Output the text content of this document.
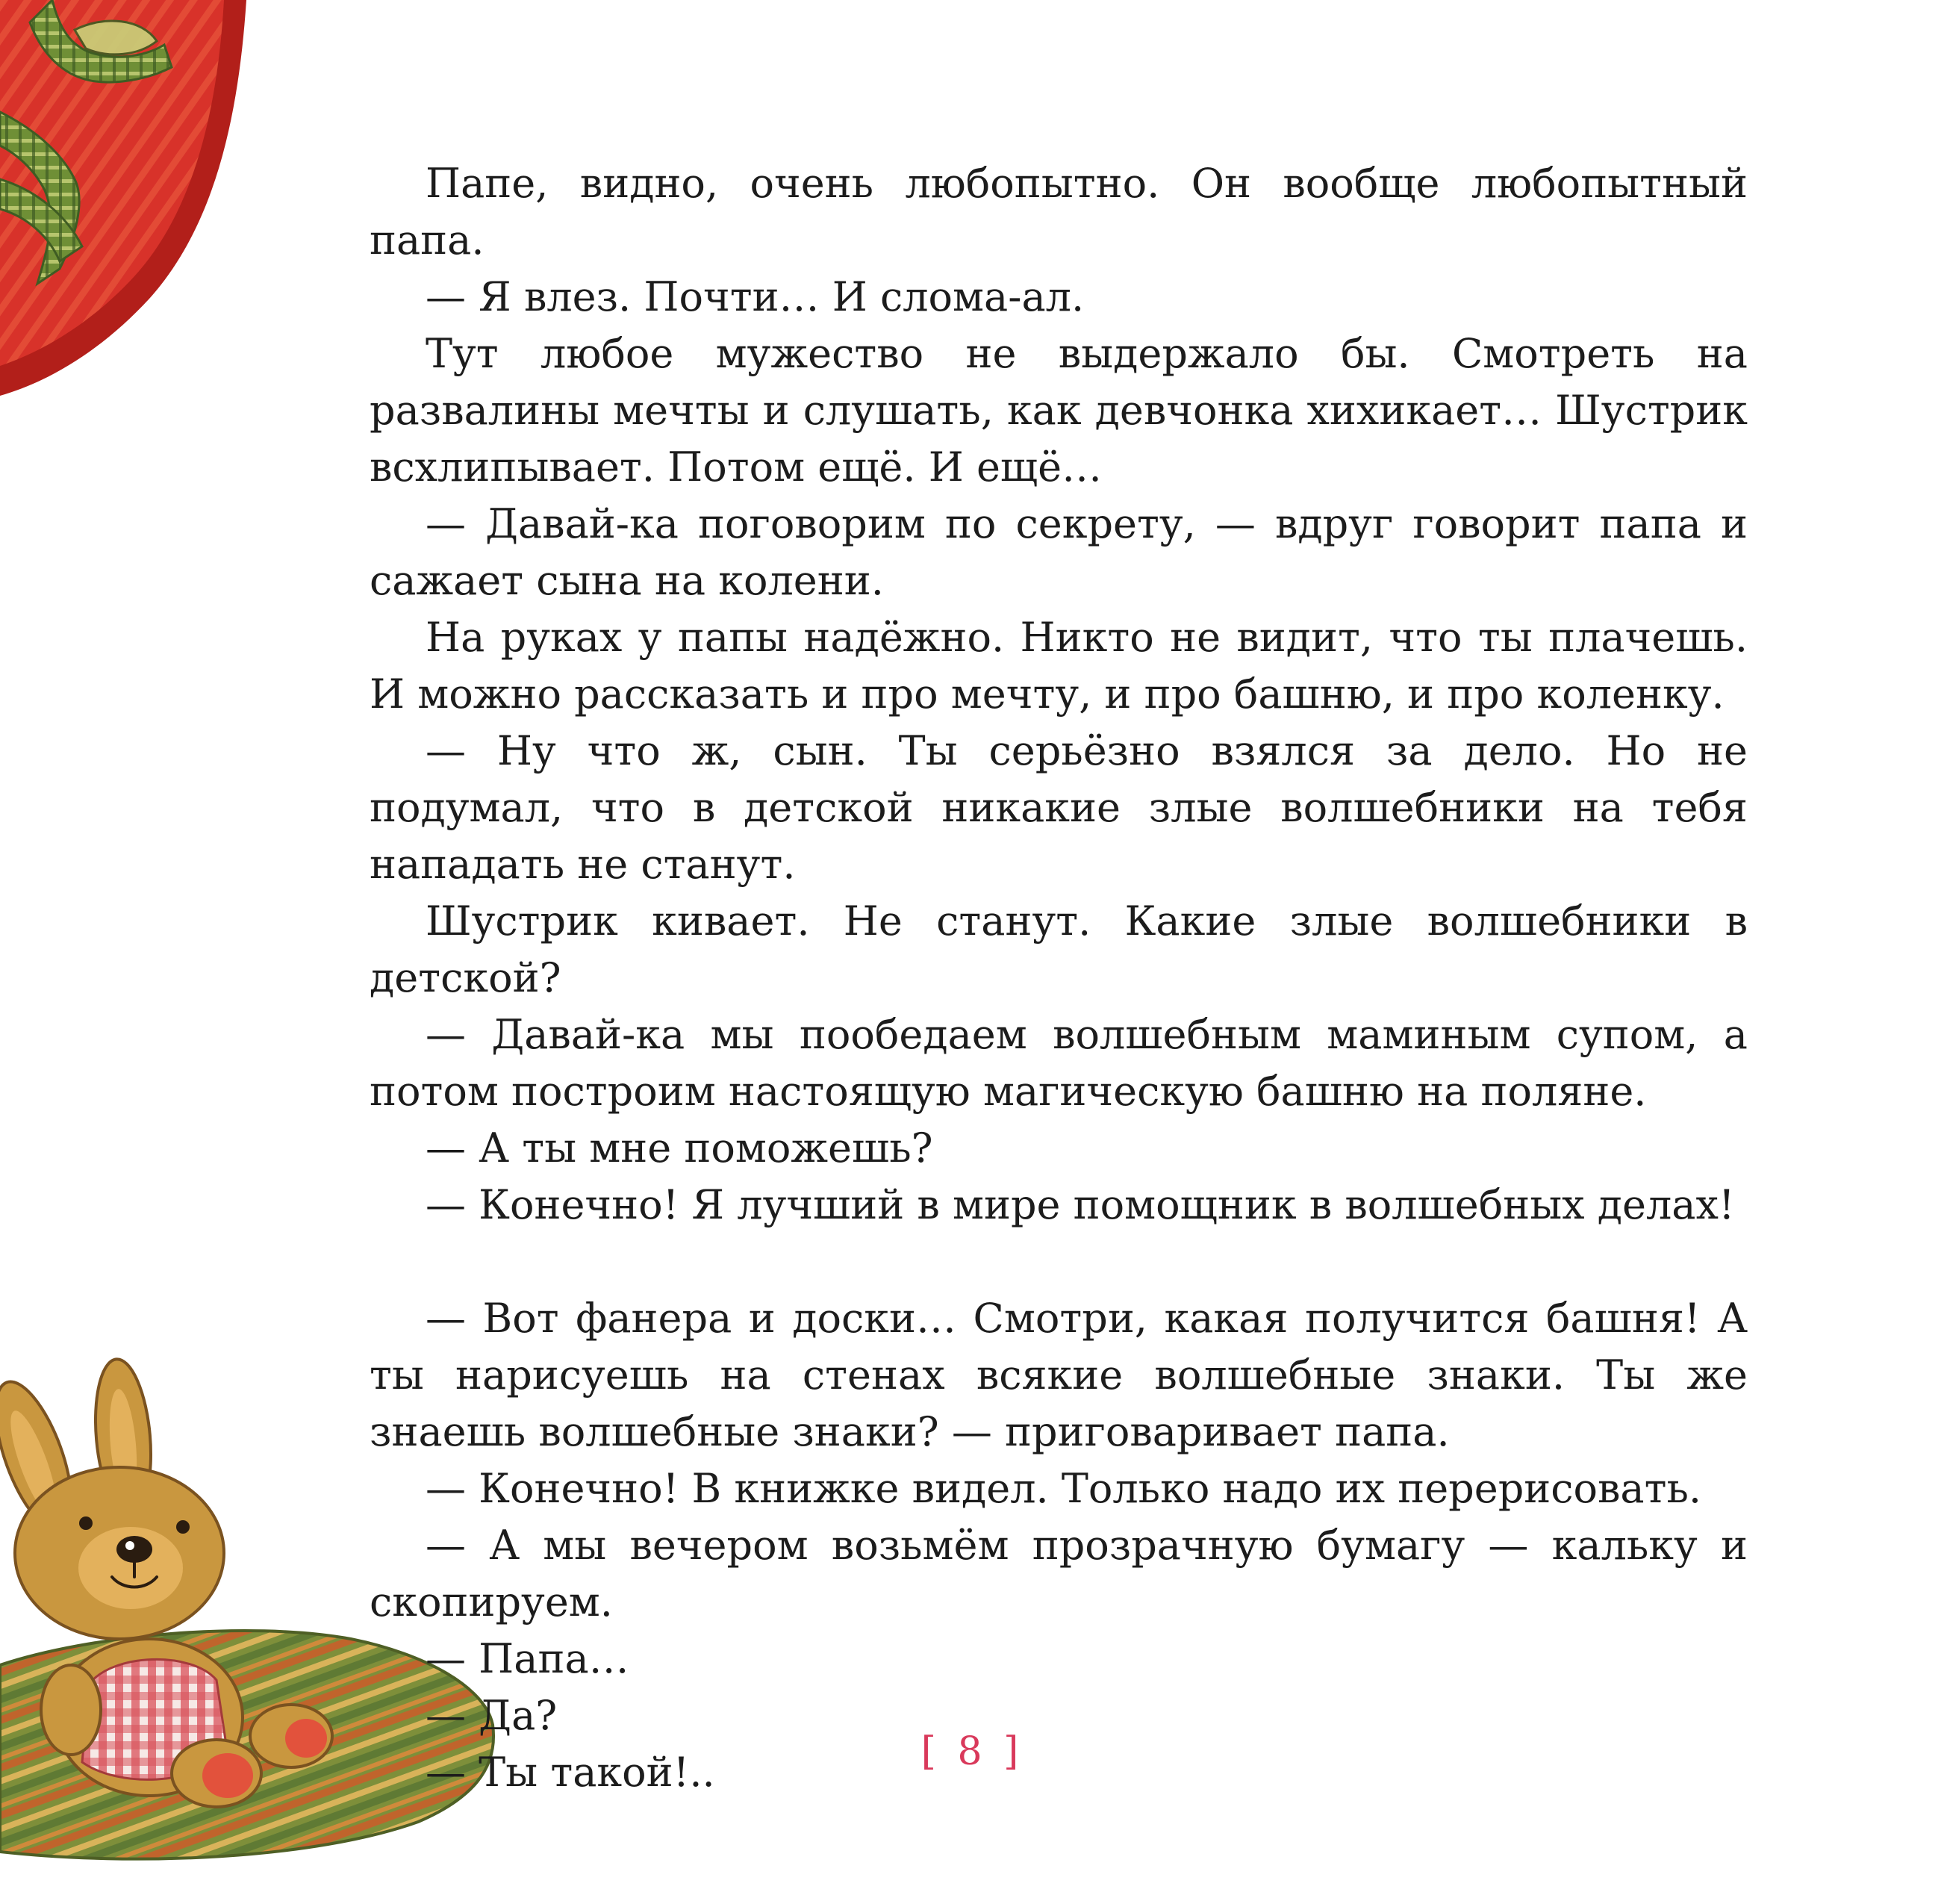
Папе, видно, очень любопытно. Он вообще любопытный папа.

— Я влез. Почти… И слома-ал.

Тут любое мужество не выдержало бы. Смотреть на развалины мечты и слушать, как девчонка хихикает… Шустрик всхлипывает. Потом ещё. И ещё…

— Давай-ка поговорим по секрету, — вдруг говорит папа и сажает сына на колени.

На руках у папы надёжно. Никто не видит, что ты плачешь. И можно рассказать и про мечту, и про башню, и про коленку.

— Ну что ж, сын. Ты серьёзно взялся за дело. Но не подумал, что в детской никакие злые волшебники на тебя нападать не станут.

Шустрик кивает. Не станут. Какие злые волшебники в детской?

— Давай-ка мы пообедаем волшебным маминым супом, а потом построим настоящую магическую башню на поляне.

— А ты мне поможешь?

— Конечно! Я лучший в мире помощник в волшебных делах!

— Вот фанера и доски… Смотри, какая получится башня! А ты нарисуешь на стенах всякие волшебные знаки. Ты же знаешь волшебные знаки? — приговаривает папа.

— Конечно! В книжке видел. Только надо их перерисовать.

— А мы вечером возьмём прозрачную бумагу — кальку и скопируем.

— Папа…

— Да?

— Ты такой!..	[ 8 ]
